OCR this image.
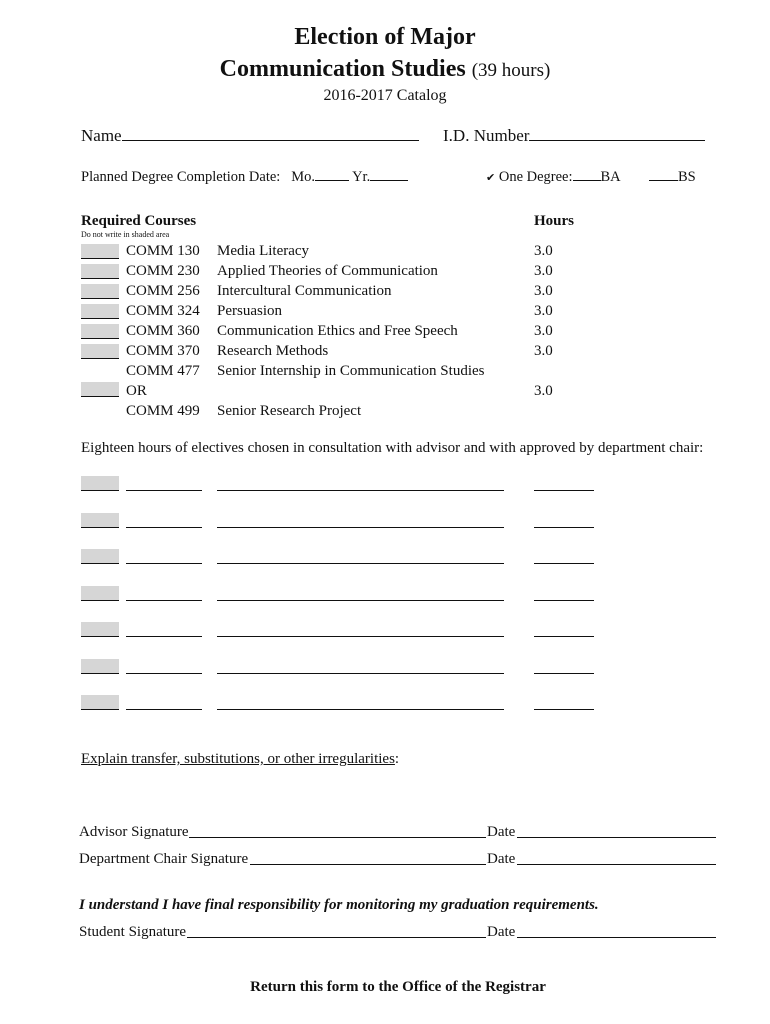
Election of Major
Communication Studies (39 hours)
2016-2017 Catalog
Name	I.D. Number
Planned Degree Completion Date: Mo.	Yr.	✔ One Degree: BA	BS
Required Courses
Do not write in shaded area
Hours
COMM 130 Media Literacy	3.0
COMM 230 Applied Theories of Communication	3.0
COMM 256 Intercultural Communication	3.0
COMM 324 Persuasion	3.0
COMM 360 Communication Ethics and Free Speech	3.0
COMM 370 Research Methods	3.0
COMM 477 Senior Internship in Communication Studies
OR	3.0
COMM 499 Senior Research Project
Eighteen hours of electives chosen in consultation with advisor and with approved by department chair:
Explain transfer, substitutions, or other irregularities:
Advisor Signature	Date
Department Chair Signature	Date
I understand I have final responsibility for monitoring my graduation requirements.
Student Signature	Date
Return this form to the Office of the Registrar
